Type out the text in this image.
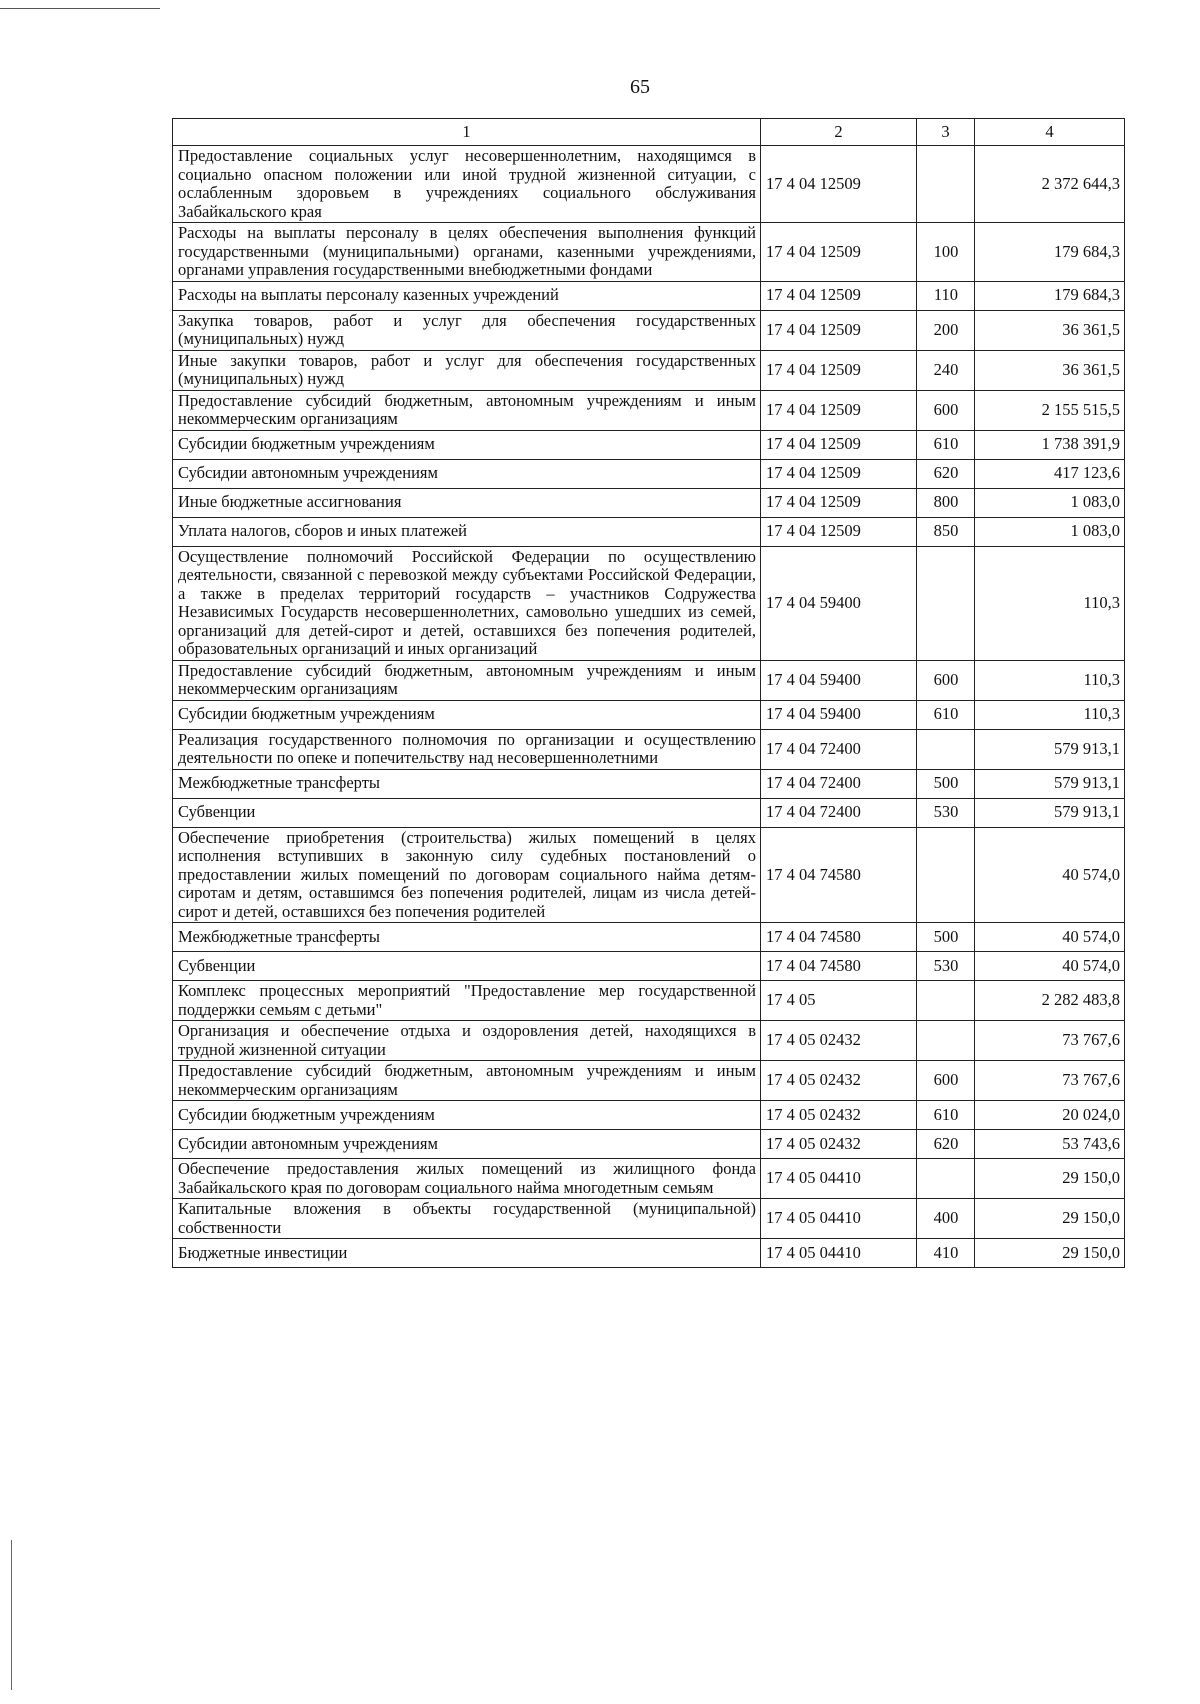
65
1	2	3	4
Предоставление социальных услуг несовершеннолетним, находящимся в социально опасном положении или иной трудной жизненной ситуации, с ослабленным здоровьем в учреждениях социального обслуживания Забайкальского края	17 4 04 12509		2 372 644,3
Расходы на выплаты персоналу в целях обеспечения выполнения функций государственными (муниципальными) органами, казенными учреждениями, органами управления государственными внебюджетными фондами	17 4 04 12509	100	179 684,3
Расходы на выплаты персоналу казенных учреждений	17 4 04 12509	110	179 684,3
Закупка товаров, работ и услуг для обеспечения государственных (муниципальных) нужд	17 4 04 12509	200	36 361,5
Иные закупки товаров, работ и услуг для обеспечения государственных (муниципальных) нужд	17 4 04 12509	240	36 361,5
Предоставление субсидий бюджетным, автономным учреждениям и иным некоммерческим организациям	17 4 04 12509	600	2 155 515,5
Субсидии бюджетным учреждениям	17 4 04 12509	610	1 738 391,9
Субсидии автономным учреждениям	17 4 04 12509	620	417 123,6
Иные бюджетные ассигнования	17 4 04 12509	800	1 083,0
Уплата налогов, сборов и иных платежей	17 4 04 12509	850	1 083,0
Осуществление полномочий Российской Федерации по осуществлению деятельности, связанной с перевозкой между субъектами Российской Федерации, а также в пределах территорий государств – участников Содружества Независимых Государств несовершеннолетних, самовольно ушедших из семей, организаций для детей-сирот и детей, оставшихся без попечения родителей, образовательных организаций и иных организаций	17 4 04 59400		110,3
Предоставление субсидий бюджетным, автономным учреждениям и иным некоммерческим организациям	17 4 04 59400	600	110,3
Субсидии бюджетным учреждениям	17 4 04 59400	610	110,3
Реализация государственного полномочия по организации и осуществлению деятельности по опеке и попечительству над несовершеннолетними	17 4 04 72400		579 913,1
Межбюджетные трансферты	17 4 04 72400	500	579 913,1
Субвенции	17 4 04 72400	530	579 913,1
Обеспечение приобретения (строительства) жилых помещений в целях исполнения вступивших в законную силу судебных постановлений о предоставлении жилых помещений по договорам социального найма детям-сиротам и детям, оставшимся без попечения родителей, лицам из числа детей-сирот и детей, оставшихся без попечения родителей	17 4 04 74580		40 574,0
Межбюджетные трансферты	17 4 04 74580	500	40 574,0
Субвенции	17 4 04 74580	530	40 574,0
Комплекс процессных мероприятий "Предоставление мер государственной поддержки семьям с детьми"	17 4 05		2 282 483,8
Организация и обеспечение отдыха и оздоровления детей, находящихся в трудной жизненной ситуации	17 4 05 02432		73 767,6
Предоставление субсидий бюджетным, автономным учреждениям и иным некоммерческим организациям	17 4 05 02432	600	73 767,6
Субсидии бюджетным учреждениям	17 4 05 02432	610	20 024,0
Субсидии автономным учреждениям	17 4 05 02432	620	53 743,6
Обеспечение предоставления жилых помещений из жилищного фонда Забайкальского края по договорам социального найма многодетным семьям	17 4 05 04410		29 150,0
Капитальные вложения в объекты государственной (муниципальной) собственности	17 4 05 04410	400	29 150,0
Бюджетные инвестиции	17 4 05 04410	410	29 150,0
